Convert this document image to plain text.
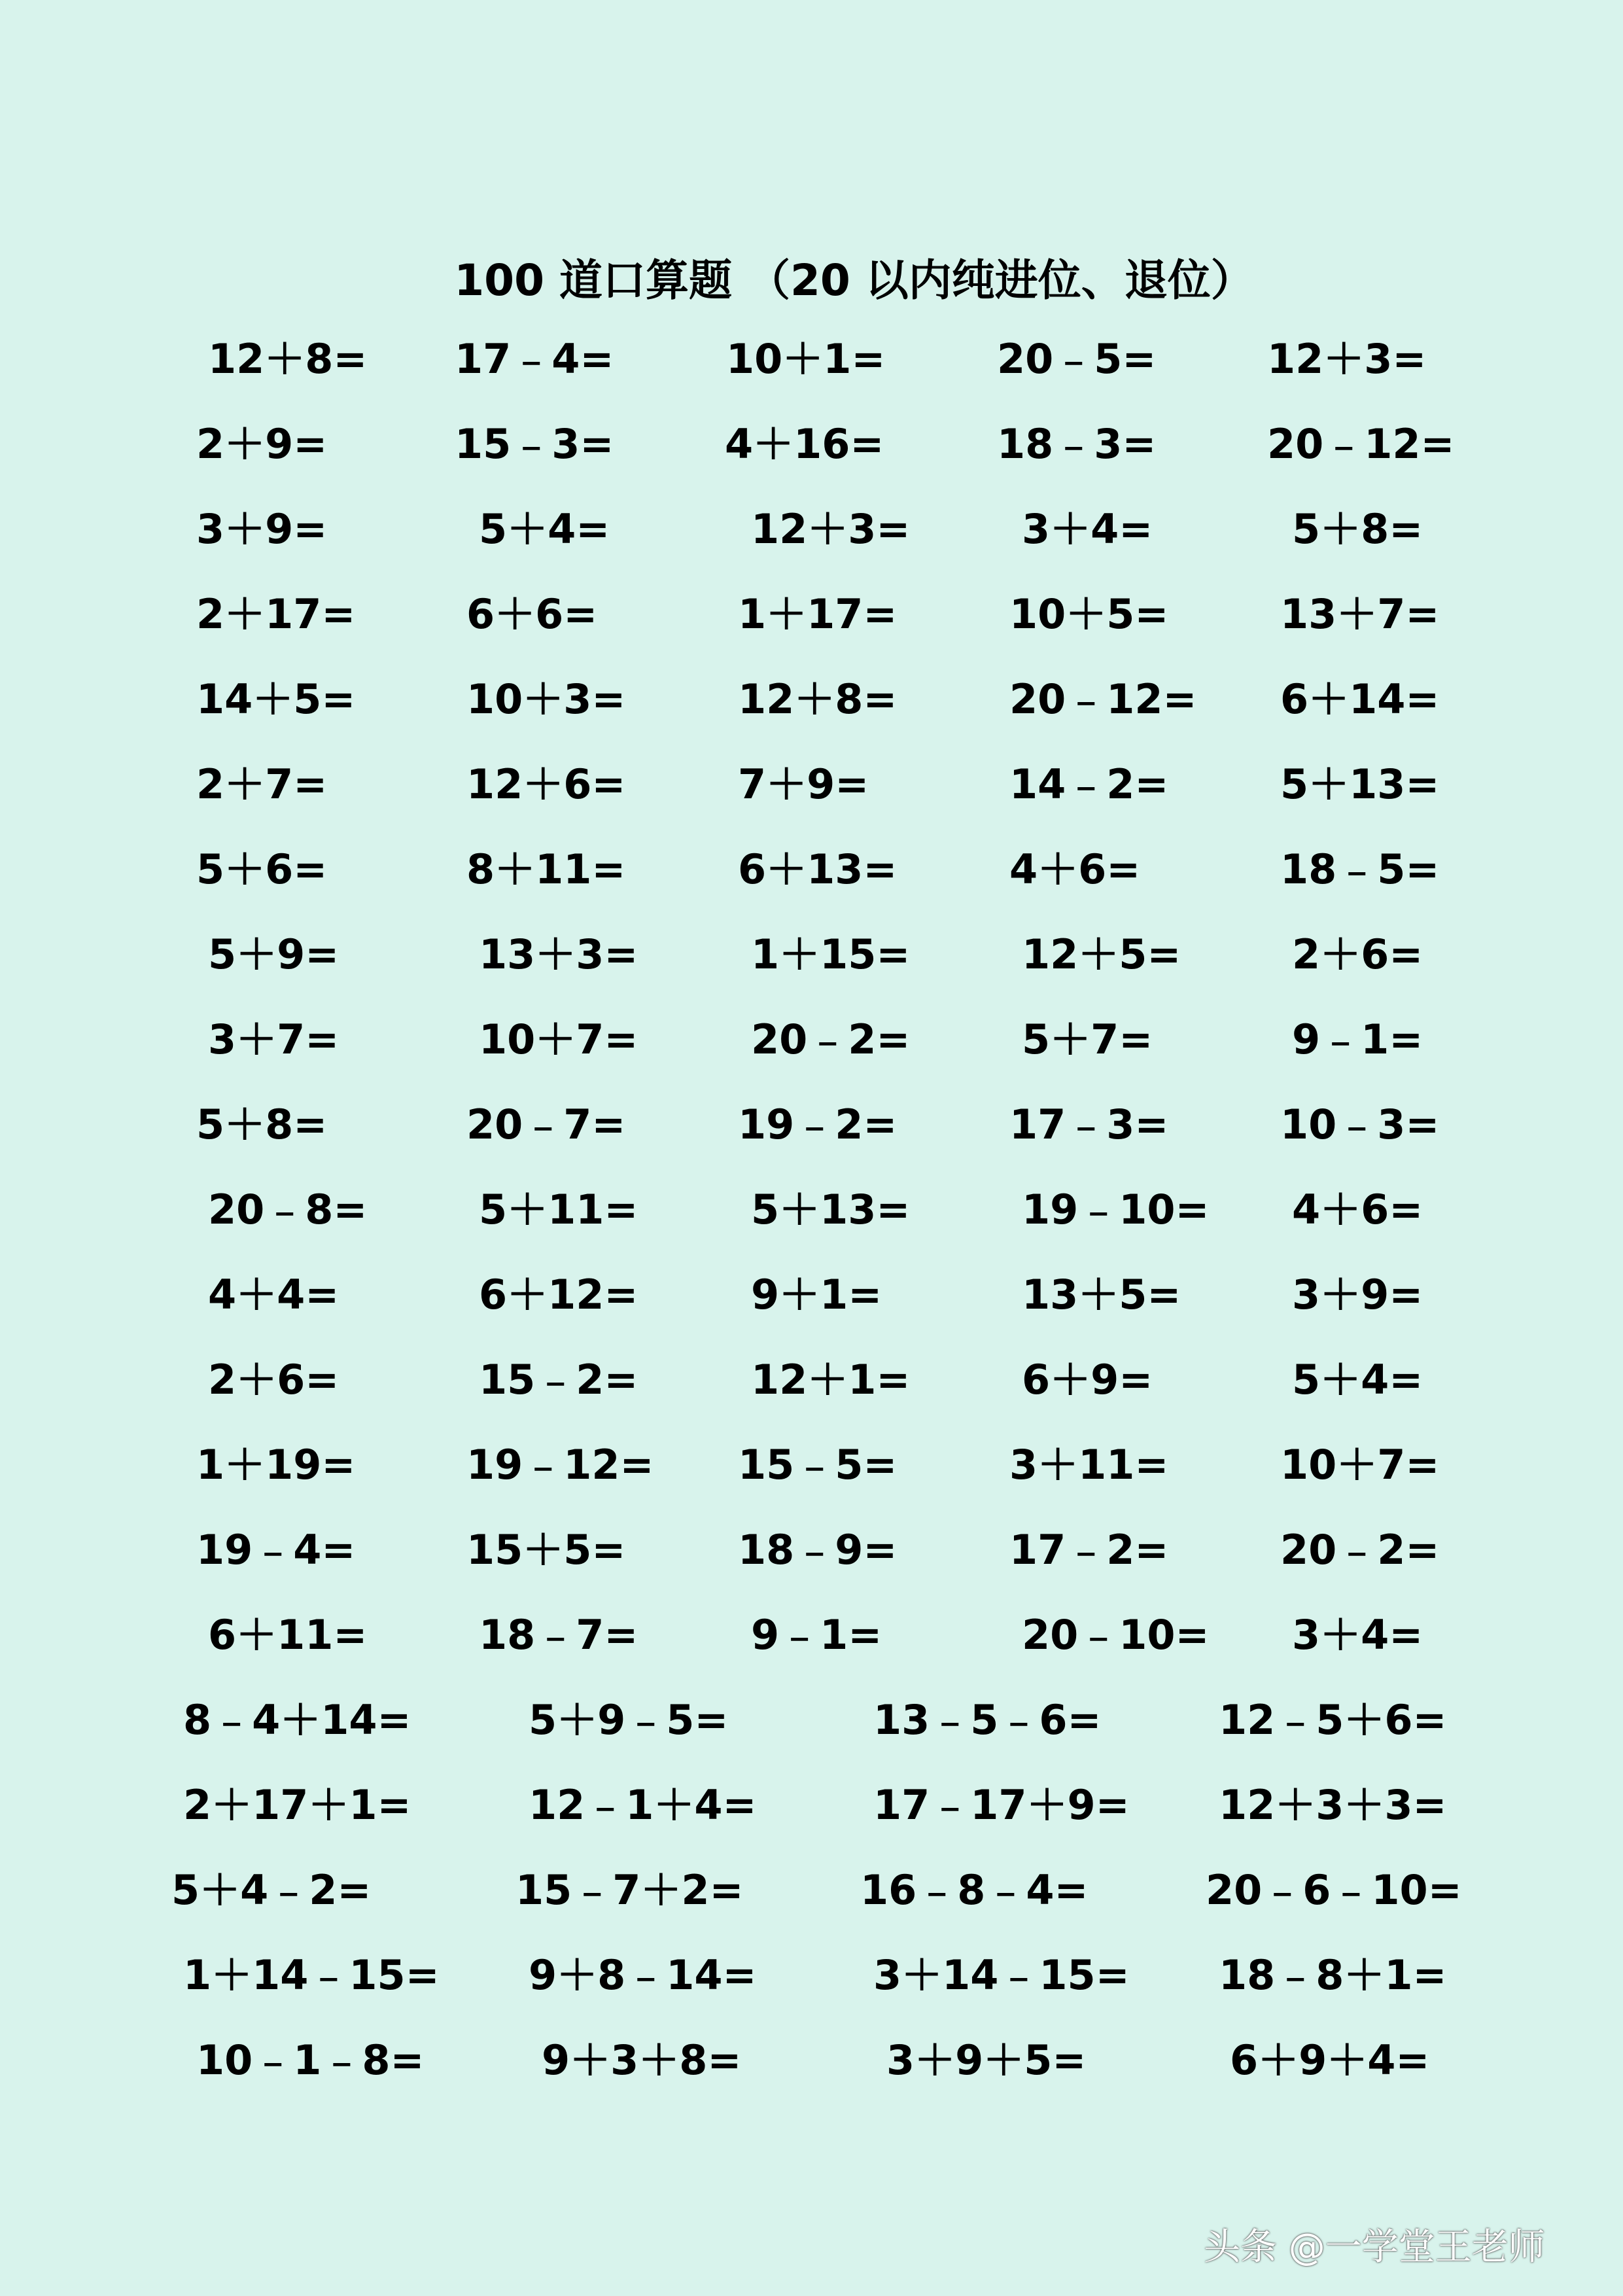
100 道口算题 （20 以内纯进位、退位）
12＋8= 17﹣4=	10＋1=	20﹣5=	12＋3=
2＋9=	15﹣3=	4＋16=	18﹣3=	20﹣12=
3＋9=	5＋4=	12＋3=	3＋4=	5＋8=
2＋17=	6＋6=	1＋17=	10＋5=	13＋7=
14＋5=	10＋3=	12＋8=	20﹣12= 6＋14=
2＋7=	12＋6=	7＋9=	14﹣2=	5＋13=
5＋6=	8＋11=	6＋13=	4＋6=	18﹣5=
5＋9=	13＋3=	1＋15=	12＋5=	2＋6=
3＋7=	10＋7=	20﹣2=	5＋7=	9﹣1=
5＋8=	20﹣7=	19﹣2=	17﹣3=	10﹣3=
20﹣8=	5＋11=	5＋13=	19﹣10= 4＋6=
4＋4=	6＋12=	9＋1=	13＋5=	3＋9=
2＋6=	15﹣2=	12＋1=	6＋9=	5＋4=
1＋19=	19﹣12= 15﹣5=	3＋11=	10＋7=
19﹣4=	15＋5=	18﹣9=	17﹣2=	20﹣2=
6＋11=	18﹣7=	9﹣1=	20﹣10= 3＋4=
8﹣4＋14=	5＋9﹣5=	13﹣5﹣6=	12﹣5＋6=
2＋17＋1=	12﹣1＋4=	17﹣17＋9= 12＋3＋3=
5＋4﹣2=	15﹣7＋2=	16﹣8﹣4=	20﹣6﹣10=
1＋14﹣15= 9＋8﹣14=	3＋14﹣15= 18﹣8＋1=
10﹣1﹣8=	9＋3＋8=	3＋9＋5=	6＋9＋4=
头条 @一学堂王老师
